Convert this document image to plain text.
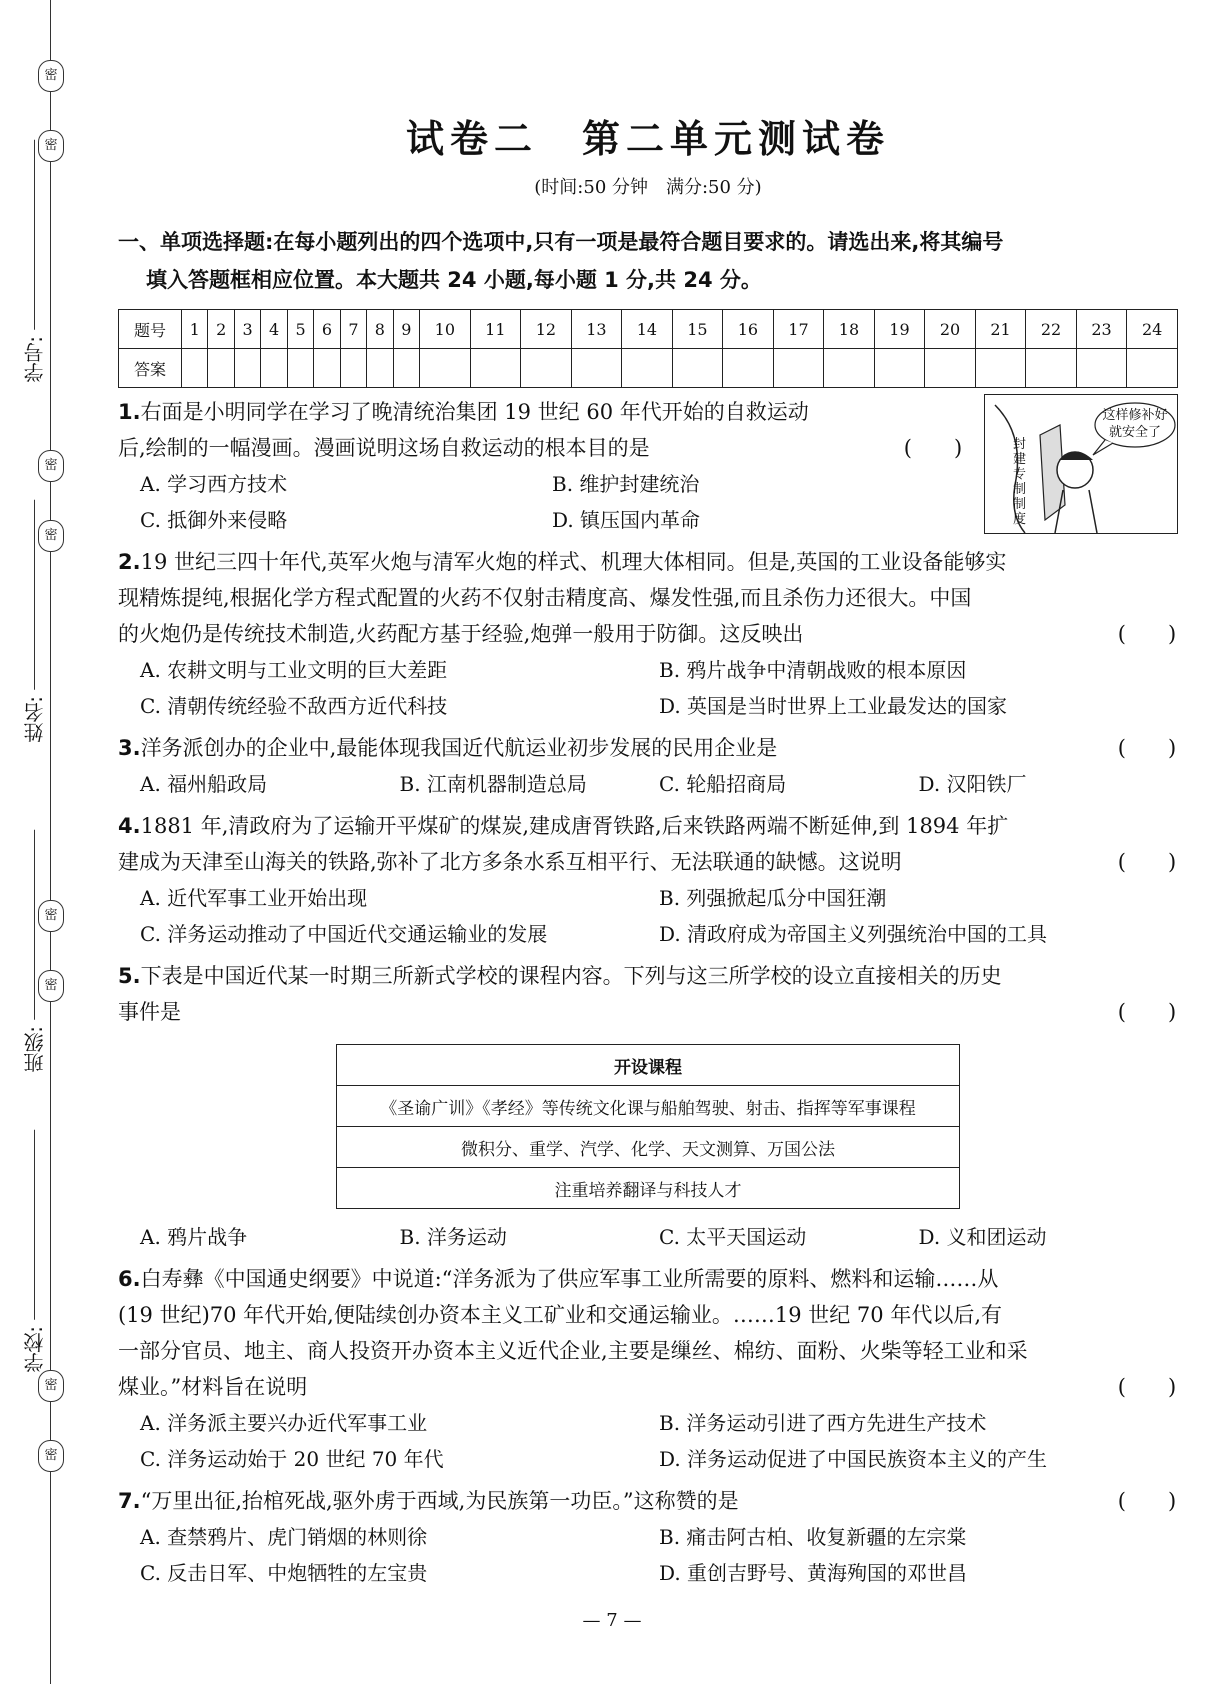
密
密
密
密
密
密
密
密
学号:
姓名:
班级:
学校:
试卷二　第二单元测试卷
(时间:50 分钟　满分:50 分)
一、单项选择题:在每小题列出的四个选项中,只有一项是最符合题目要求的。请选出来,将其编号
填入答题框相应位置。本大题共 24 小题,每小题 1 分,共 24 分。
题号	1	2	3	4	5	6	7	8	9	10	11	12	13	14	15	16	17	18	19	20	21	22	23	24
答案																								
1.右面是小明同学在学习了晚清统治集团 19 世纪 60 年代开始的自救运动
后,绘制的一幅漫画。漫画说明这场自救运动的根本目的是	(　　)
A. 学习西方技术	B. 维护封建统治
C. 抵御外来侵略	D. 镇压国内革命
这样修补好就安全了
封建专制制度
2.19 世纪三四十年代,英军火炮与清军火炮的样式、机理大体相同。但是,英国的工业设备能够实
现精炼提纯,根据化学方程式配置的火药不仅射击精度高、爆发性强,而且杀伤力还很大。中国
的火炮仍是传统技术制造,火药配方基于经验,炮弹一般用于防御。这反映出	(　　)
A. 农耕文明与工业文明的巨大差距	B. 鸦片战争中清朝战败的根本原因
C. 清朝传统经验不敌西方近代科技	D. 英国是当时世界上工业最发达的国家
3.洋务派创办的企业中,最能体现我国近代航运业初步发展的民用企业是	(　　)
A. 福州船政局	B. 江南机器制造总局	C. 轮船招商局	D. 汉阳铁厂
4.1881 年,清政府为了运输开平煤矿的煤炭,建成唐胥铁路,后来铁路两端不断延伸,到 1894 年扩
建成为天津至山海关的铁路,弥补了北方多条水系互相平行、无法联通的缺憾。这说明	(　　)
A. 近代军事工业开始出现	B. 列强掀起瓜分中国狂潮
C. 洋务运动推动了中国近代交通运输业的发展	D. 清政府成为帝国主义列强统治中国的工具
5.下表是中国近代某一时期三所新式学校的课程内容。下列与这三所学校的设立直接相关的历史
事件是	(　　)
开设课程
《圣谕广训》《孝经》等传统文化课与船舶驾驶、射击、指挥等军事课程
微积分、重学、汽学、化学、天文测算、万国公法
注重培养翻译与科技人才
A. 鸦片战争	B. 洋务运动	C. 太平天国运动	D. 义和团运动
6.白寿彝《中国通史纲要》中说道:“洋务派为了供应军事工业所需要的原料、燃料和运输……从
(19 世纪)70 年代开始,便陆续创办资本主义工矿业和交通运输业。……19 世纪 70 年代以后,有
一部分官员、地主、商人投资开办资本主义近代企业,主要是缫丝、棉纺、面粉、火柴等轻工业和采
煤业。”材料旨在说明	(　　)
A. 洋务派主要兴办近代军事工业	B. 洋务运动引进了西方先进生产技术
C. 洋务运动始于 20 世纪 70 年代	D. 洋务运动促进了中国民族资本主义的产生
7.“万里出征,抬棺死战,驱外虏于西域,为民族第一功臣。”这称赞的是	(　　)
A. 查禁鸦片、虎门销烟的林则徐	B. 痛击阿古柏、收复新疆的左宗棠
C. 反击日军、中炮牺牲的左宝贵	D. 重创吉野号、黄海殉国的邓世昌
— 7 —
